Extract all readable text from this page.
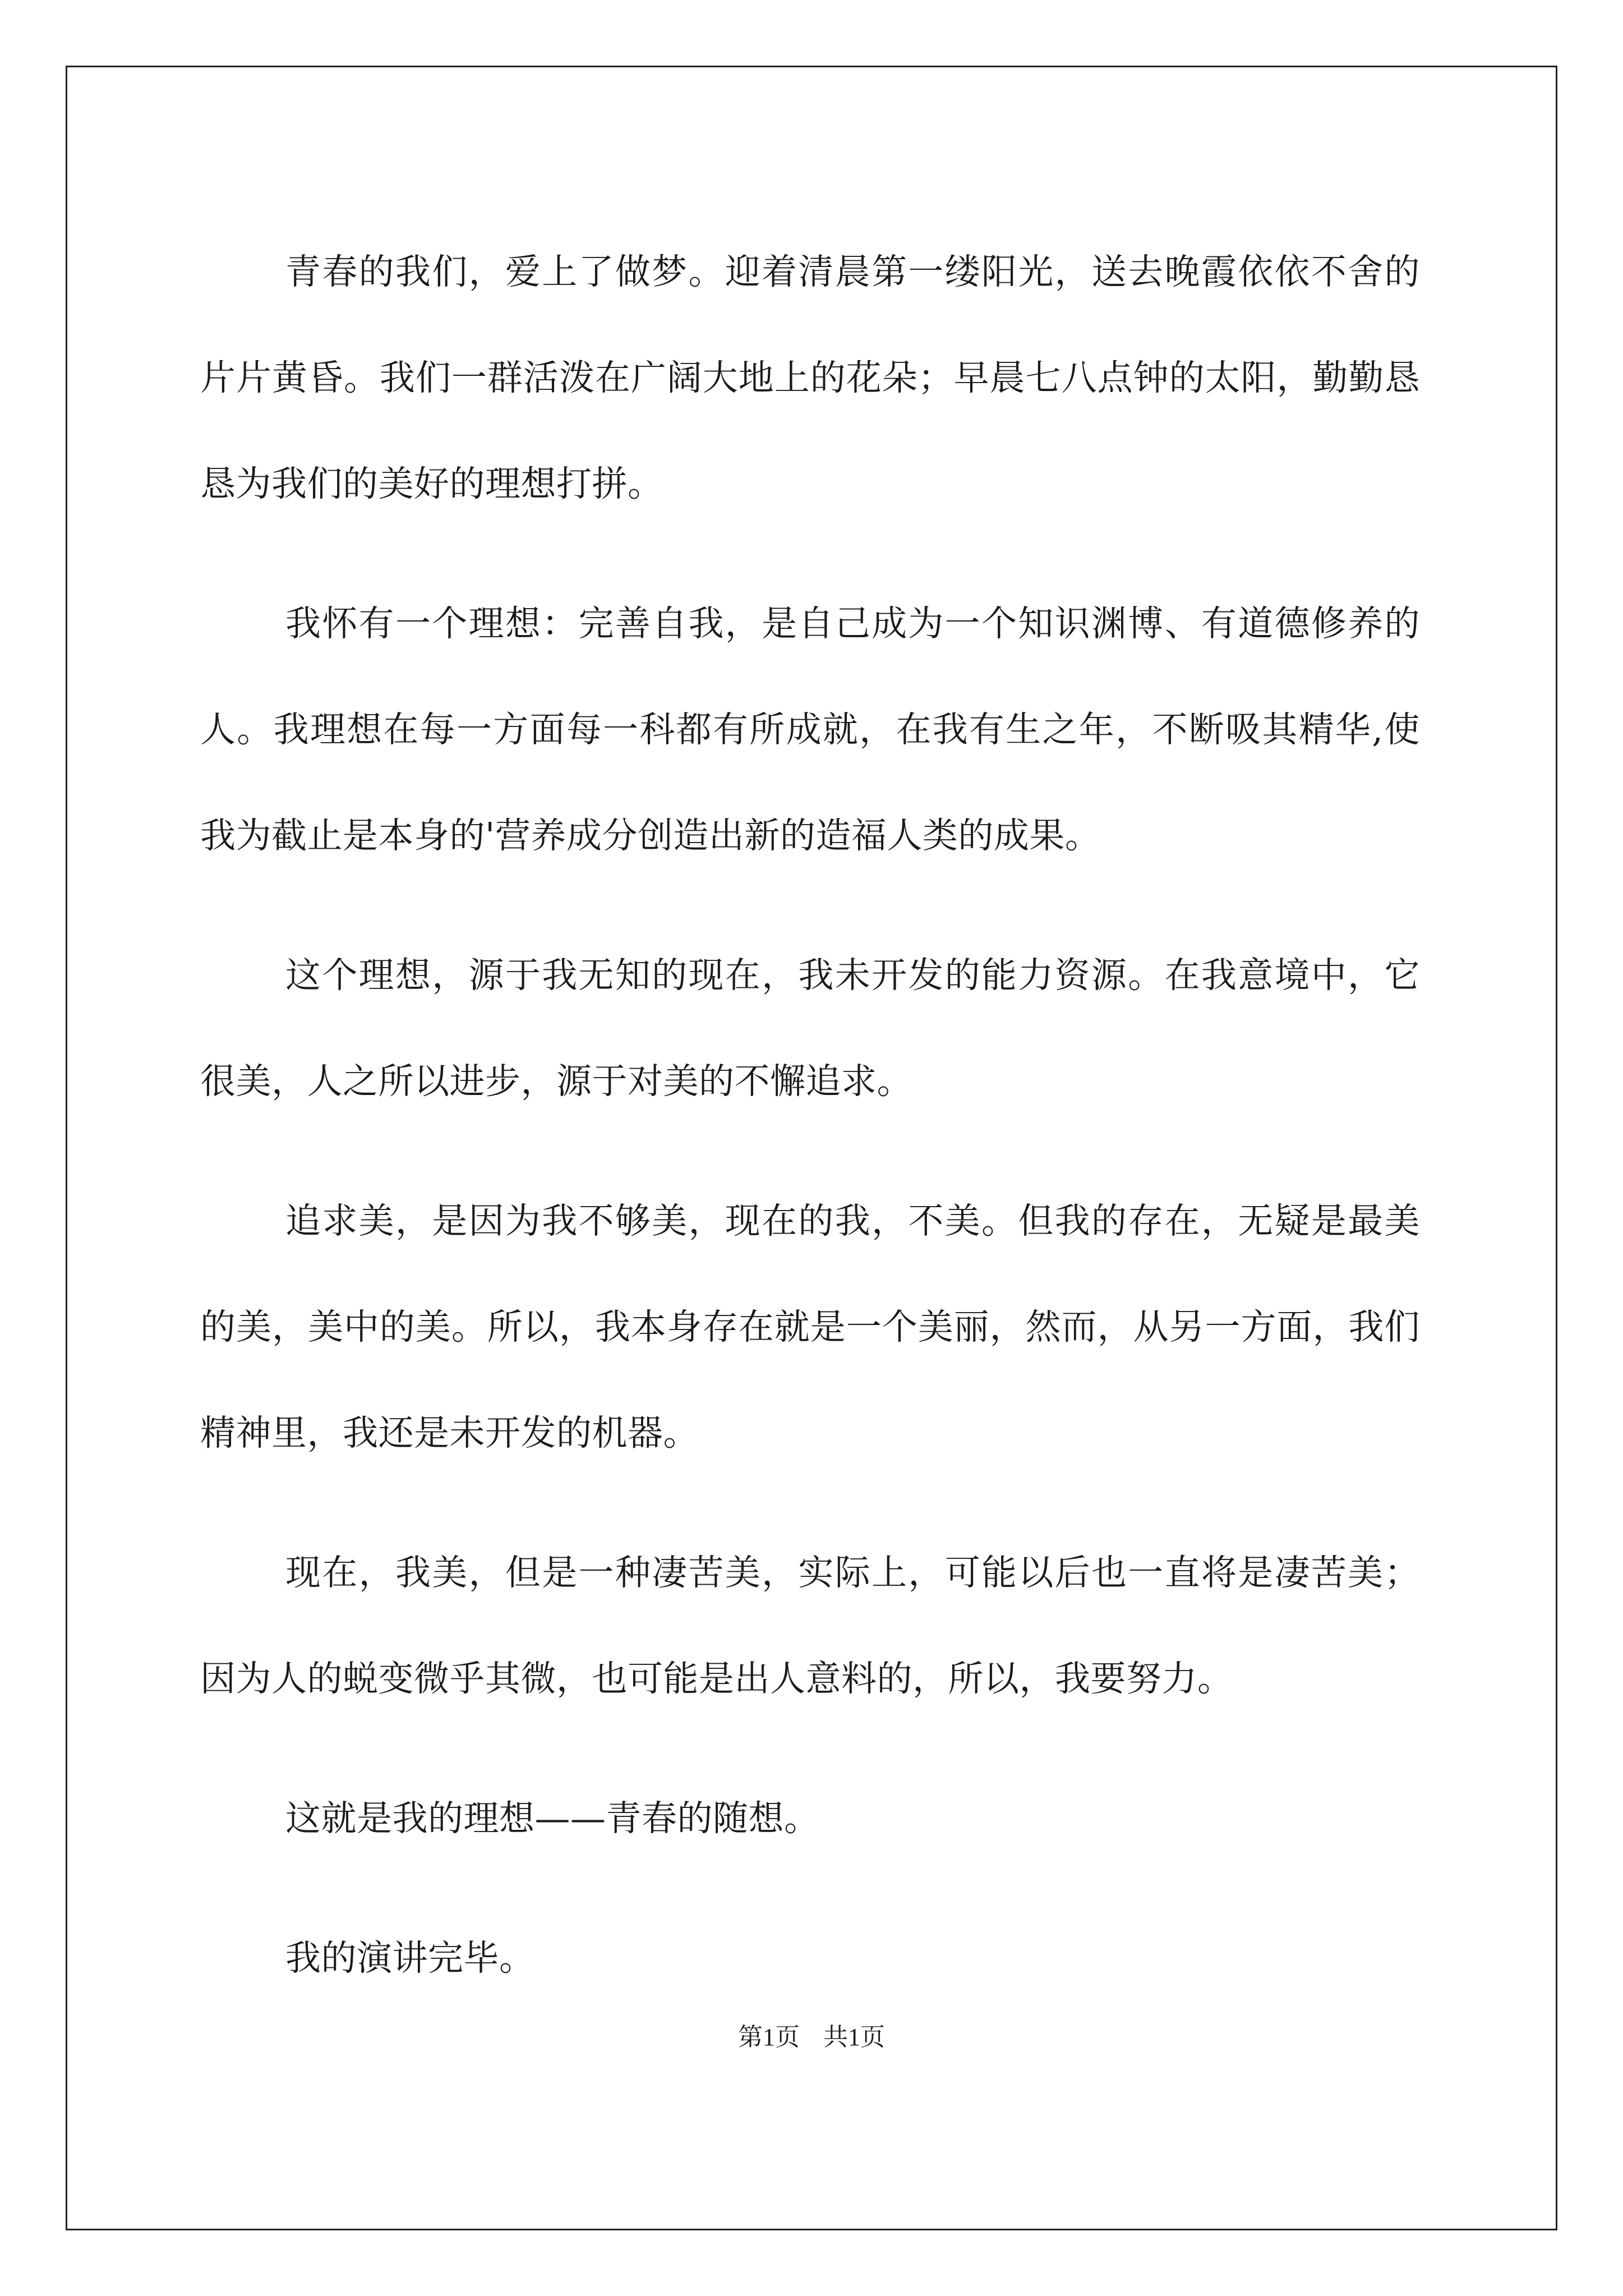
青春的我们，爱上了做梦。迎着清晨第一缕阳光，送去晚霞依依不舍的片片黄昏。我们一群活泼在广阔大地上的花朵；早晨七八点钟的太阳，勤勤恳恳为我们的美好的理想打拼。

我怀有一个理想：完善自我，是自己成为一个知识渊博、有道德修养的人。我理想在每一方面每一科都有所成就，在我有生之年，不断吸其精华,使我为截止是本身的'营养成分创造出新的造福人类的成果。

这个理想，源于我无知的现在，我未开发的能力资源。在我意境中，它很美，人之所以进步，源于对美的不懈追求。

追求美，是因为我不够美，现在的我，不美。但我的存在，无疑是最美的美，美中的美。所以，我本身存在就是一个美丽，然而，从另一方面，我们精神里，我还是未开发的机器。

现在，我美，但是一种凄苦美，实际上，可能以后也一直将是凄苦美；因为人的蜕变微乎其微，也可能是出人意料的，所以，我要努力。

这就是我的理想——青春的随想。

我的演讲完毕。

第1页 共1页
